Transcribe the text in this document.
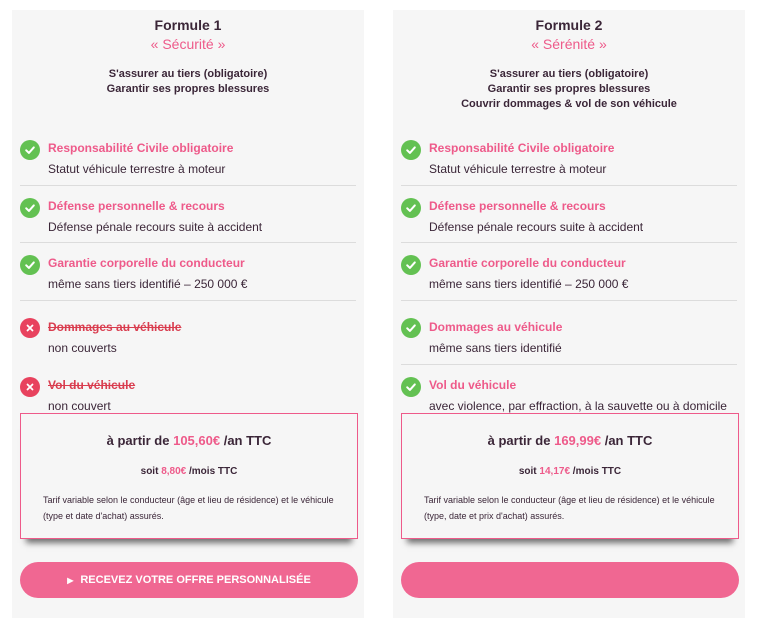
Formule 1
« Sécurité »
S'assurer au tiers (obligatoire)
Garantir ses propres blessures
Responsabilité Civile obligatoire
Statut véhicule terrestre à moteur
Défense personnelle & recours
Défense pénale recours suite à accident
Garantie corporelle du conducteur
même sans tiers identifié – 250 000 €
Dommages au véhicule
non couverts
Vol du véhicule
non couvert
à partir de 105,60€ /an TTC
soit 8,80€ /mois TTC
Tarif variable selon le conducteur (âge et lieu de résidence) et le véhicule (type et date d'achat) assurés.
▶ RECEVEZ VOTRE OFFRE PERSONNALISÉE
Formule 2
« Sérénité »
S'assurer au tiers (obligatoire)
Garantir ses propres blessures
Couvrir dommages & vol de son véhicule
Responsabilité Civile obligatoire
Statut véhicule terrestre à moteur
Défense personnelle & recours
Défense pénale recours suite à accident
Garantie corporelle du conducteur
même sans tiers identifié – 250 000 €
Dommages au véhicule
même sans tiers identifié
Vol du véhicule
avec violence, par effraction, à la sauvette ou à domicile
à partir de 169,99€ /an TTC
soit 14,17€ /mois TTC
Tarif variable selon le conducteur (âge et lieu de résidence) et le véhicule (type, date et prix d'achat) assurés.
